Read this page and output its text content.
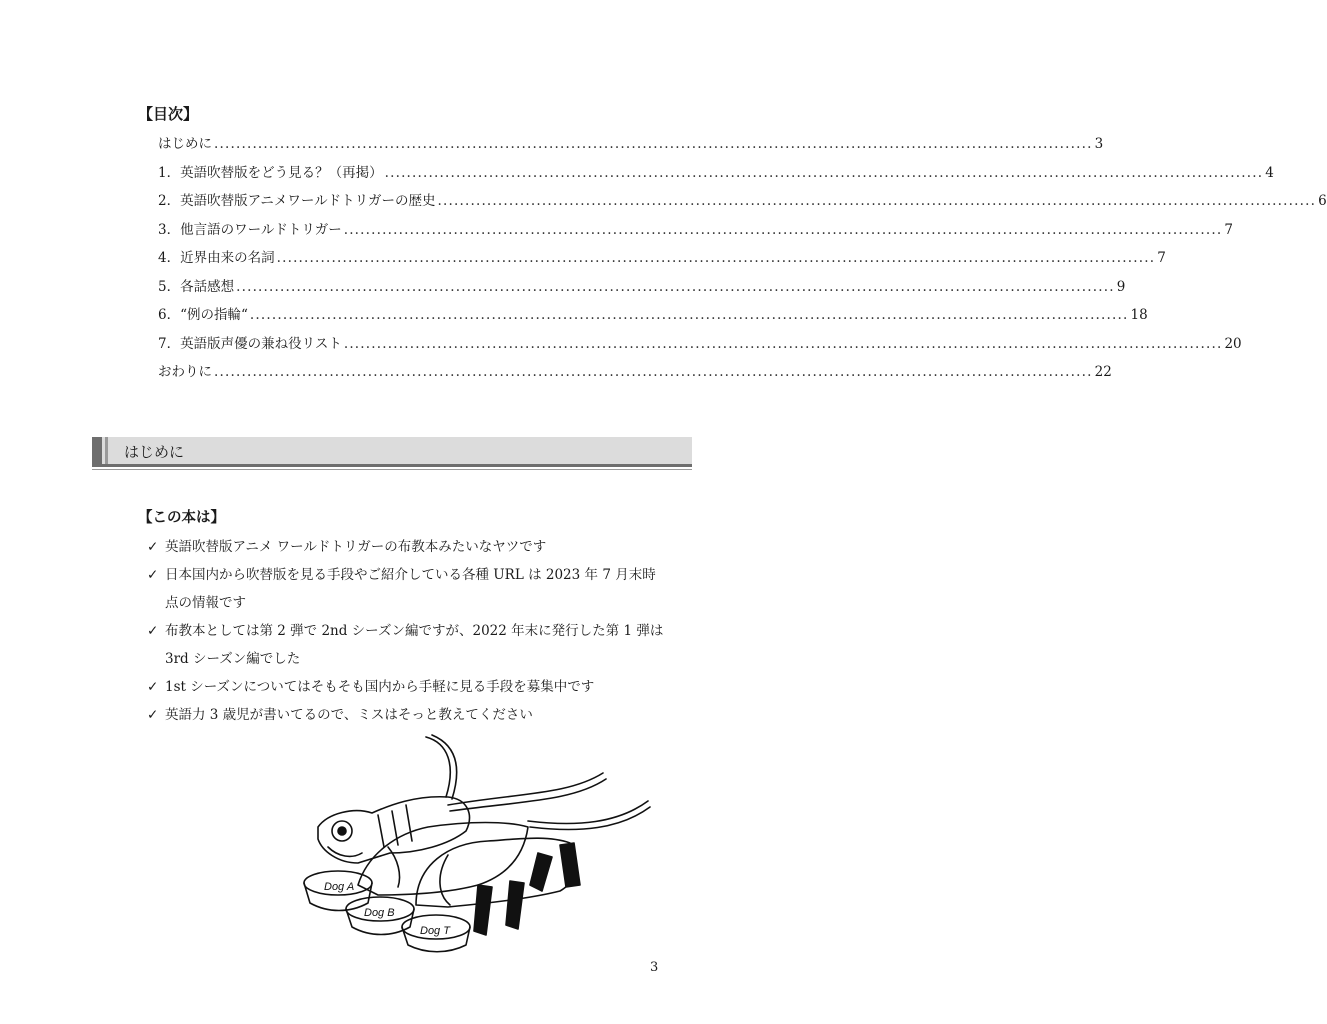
【目次】
はじめに ................................................................................................................................................................ 3
1． 英語吹替版をどう見る？（再掲） ................................................................................................................................................................ 4
2． 英語吹替版アニメワールドトリガーの歴史 ................................................................................................................................................................ 6
3． 他言語のワールドトリガー ................................................................................................................................................................ 7
4． 近界由来の名詞 ................................................................................................................................................................ 7
5． 各話感想 ................................................................................................................................................................ 9
6． “例の指輪“ ................................................................................................................................................................ 18
7． 英語版声優の兼ね役リスト ................................................................................................................................................................ 20
おわりに ................................................................................................................................................................ 22
はじめに
【この本は】
✓ 英語吹替版アニメ ワールドトリガーの布教本みたいなヤツです
✓ 日本国内から吹替版を見る手段やご紹介している各種 URL は 2023 年 7 月末時点の情報です
✓ 布教本としては第 2 弾で 2nd シーズン編ですが、2022 年末に発行した第 1 弾は 3rd シーズン編でした
✓ 1st シーズンについてはそもそも国内から手軽に見る手段を募集中です
✓ 英語力 3 歳児が書いてるので、ミスはそっと教えてください
Dog A
Dog B
Dog T
3
